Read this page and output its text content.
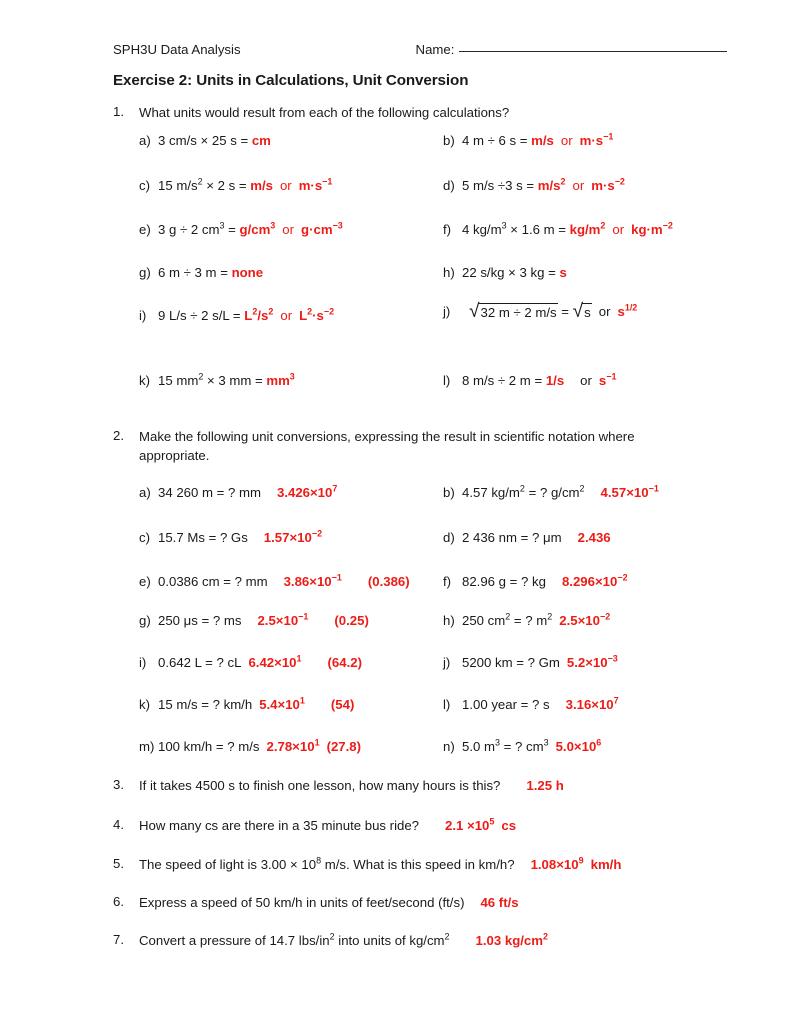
SPH3U Data Analysis	Name:
Exercise 2: Units in Calculations, Unit Conversion
1.	What units would result from each of the following calculations?
a) 3 cm/s × 25 s = cm	b) 4 m ÷ 6 s = m/s or $m\cdot s^{-1}$
c) 15 $m/s^2 \times 2$ s = m/s or $m\cdot s^{-1}$	d) 5 m/s ÷3 $s = m/s^2$ or $m\cdot s^{-2}$
e) 3 g ÷ 2 $cm^3 = g/cm^3$ or $g\cdot cm^{-3}$	f) 4 $kg/m^3 \times 1.6$ $m = kg/m^2$ or $kg\cdot m^{-2}$
g) 6 m ÷ 3 m = none	h) 22 s/kg × 3 kg = s
i) 9 L/s ÷ 2 $s/L = L^2/s^2$ or $L^2\cdot s^{-2}$	j) √ 32 m ÷ 2 m/s = √ s or $s^{1/2}$
k) 15 $mm^2 \times 3$ mm = $mm^3$	l) 8 m/s ÷ 2 m = 1/s or $s^{-1}$
2.	Make the following unit conversions, expressing the result in scientific notation where appropriate.
a) 34 260 m = ? mm $3.426\times 10^7$	b) 4.57 $kg/m^2$ = ? $g/cm^2$ $4.57\times 10^{-1}$
c) 15.7 Ms = ? Gs $1.57\times 10^{-2}$	d) 2 436 nm = ? μm 2.436
e) 0.0386 cm = ? mm $3.86\times 10^{-1}$ (0.386)	f) 82.96 g = ? kg $8.296\times 10^{-2}$
g) 250 μs = ? ms $2.5\times 10^{-1}$ (0.25)	h) 250 $cm^2$ = ? $m^2$ $2.5\times 10^{-2}$
i) 0.642 L = ? cL $6.42\times 10^1$ (64.2)	j) 5200 km = ? Gm $5.2\times 10^{-3}$
k) 15 m/s = ? km/h $5.4\times 10^1$ (54)	l) 1.00 year = ? s $3.16\times 10^7$
m) 100 km/h = ? m/s $2.78\times 10^1$ (27.8)	n) 5.0 $m^3$ = ? $cm^3$ $5.0\times 10^6$
3.	If it takes 4500 s to finish one lesson, how many hours is this? 1.25 h
4.	How many cs are there in a 35 minute bus ride? $2.1 \times 10^5$ cs
5.	The speed of light is $3.00 \times 10^8$ m/s. What is this speed in km/h? $1.08\times 10^9$ km/h
6.	Express a speed of 50 km/h in units of feet/second (ft/s) 46 ft/s
7.	Convert a pressure of 14.7 lbs/$in^2$ into units of $kg/cm^2$ 1.03 $kg/cm^2$
